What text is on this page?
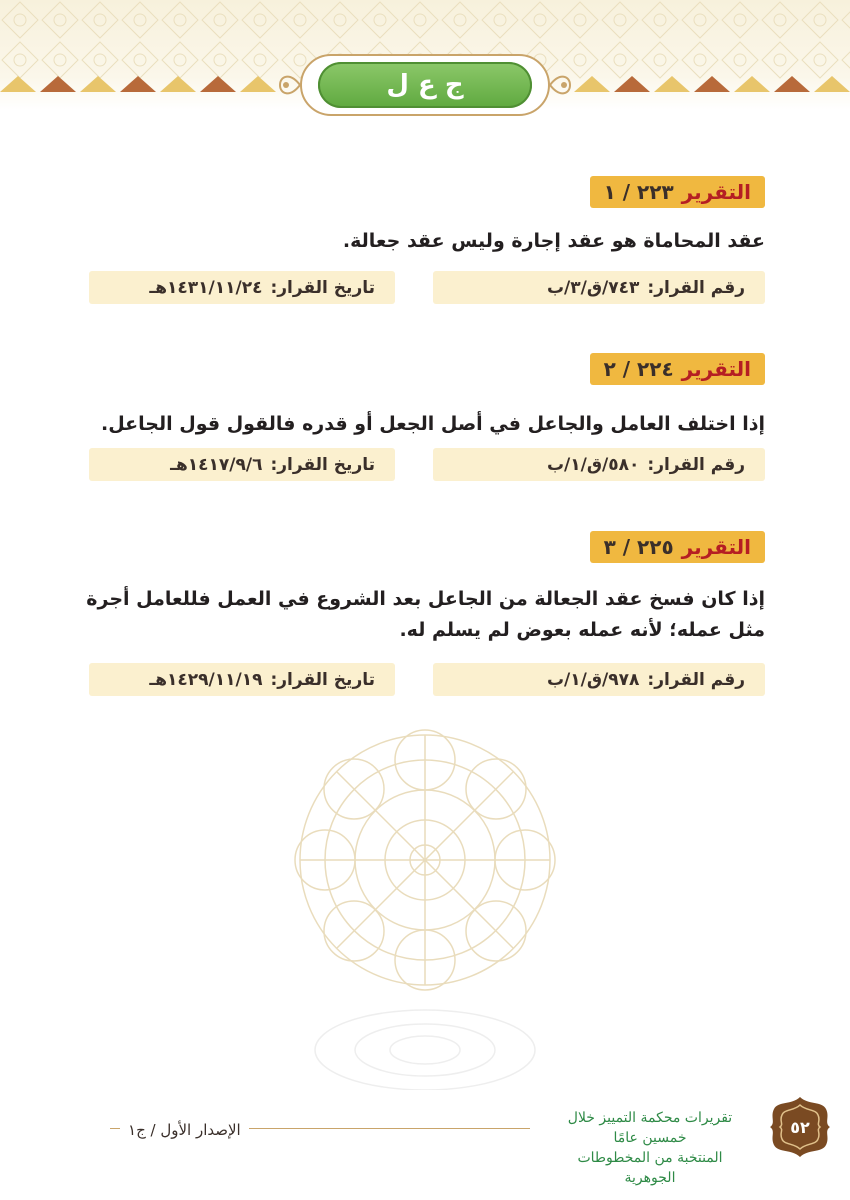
ج ع ل
التقرير
٢٢٣ / ١
عقد المحاماة هو عقد إجارة وليس عقد جعالة.
رقم القرار:
٧٤٣/ق/٣/ب
تاريخ القرار:
١٤٣١/١١/٢٤هـ
التقرير
٢٢٤ / ٢
إذا اختلف العامل والجاعل في أصل الجعل أو قدره فالقول قول الجاعل.
رقم القرار:
٥٨٠/ق/١/ب
تاريخ القرار:
١٤١٧/٩/٦هـ
التقرير
٢٢٥ / ٣
إذا كان فسخ عقد الجعالة من الجاعل بعد الشروع في العمل فللعامل أجرة مثل عمله؛ لأنه عمله بعوض لم يسلم له.
رقم القرار:
٩٧٨/ق/١/ب
تاريخ القرار:
١٤٢٩/١١/١٩هـ
الإصدار الأول / ج١
تقريرات محكمة التمييز خلال خمسين عامًا
المنتخبة من المخطوطات الجوهرية
٥٢
